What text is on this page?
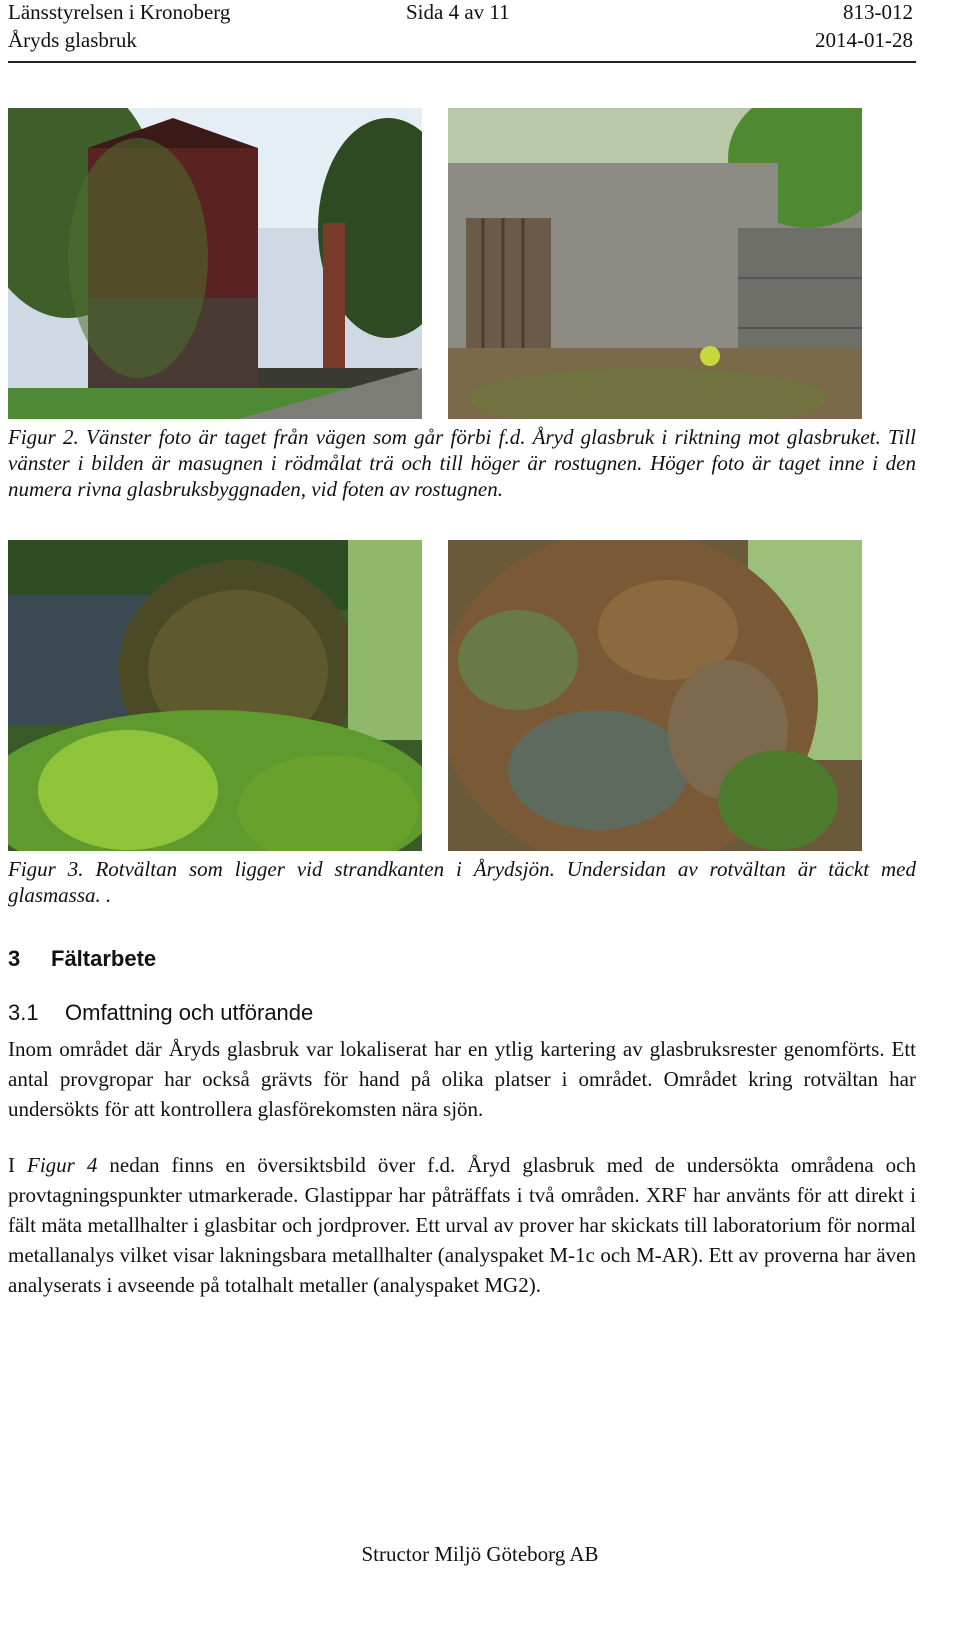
Länsstyrelsen i Kronoberg	Sida 4 av 11	813-012
Åryds glasbruk	2014-01-28
Figur 2. Vänster foto är taget från vägen som går förbi f.d. Åryd glasbruk i riktning mot glasbruket. Till vänster i bilden är masugnen i rödmålat trä och till höger är rostugnen. Höger foto är taget inne i den numera rivna glasbruksbyggnaden, vid foten av rostugnen.
Figur 3. Rotvältan som ligger vid strandkanten i Årydsjön. Undersidan av rotvältan är täckt med glasmassa. .
3 Fältarbete
3.1 Omfattning och utförande
Inom området där Åryds glasbruk var lokaliserat har en ytlig kartering av glasbruksrester genomförts. Ett antal provgropar har också grävts för hand på olika platser i området. Området kring rotvältan har undersökts för att kontrollera glasförekomsten nära sjön.
I Figur 4 nedan finns en översiktsbild över f.d. Åryd glasbruk med de undersökta områdena och provtagningspunkter utmarkerade. Glastippar har påträffats i två områden. XRF har använts för att direkt i fält mäta metallhalter i glasbitar och jordprover. Ett urval av prover har skickats till laboratorium för normal metallanalys vilket visar lakningsbara metallhalter (analyspaket M-1c och M-AR). Ett av proverna har även analyserats i avseende på totalhalt metaller (analyspaket MG2).
Structor Miljö Göteborg AB
